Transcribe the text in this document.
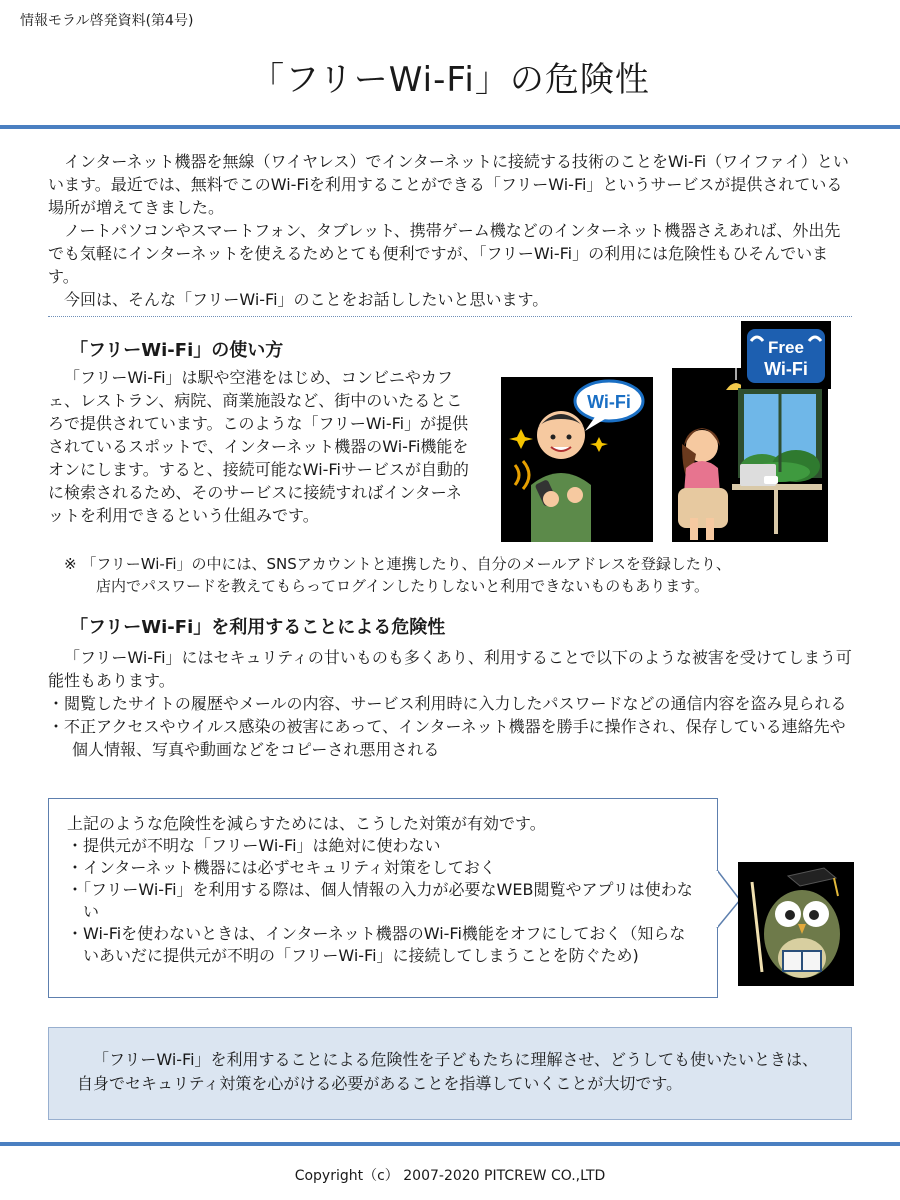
情報モラル啓発資料(第4号)
「フリーWi-Fi」の危険性

インターネット機器を無線（ワイヤレス）でインターネットに接続する技術のことをWi-Fi（ワイファイ）といいます。最近では、無料でこのWi-Fiを利用することができる「フリーWi-Fi」というサービスが提供されている場所が増えてきました。

ノートパソコンやスマートフォン、タブレット、携帯ゲーム機などのインターネット機器さえあれば、外出先でも気軽にインターネットを使えるためとても便利ですが、「フリーWi-Fi」の利用には危険性もひそんでいます。

今回は、そんな「フリーWi-Fi」のことをお話ししたいと思います。

「フリーWi-Fi」の使い方
「フリーWi-Fi」は駅や空港をはじめ、コンビニやカフェ、レストラン、病院、商業施設など、街中のいたるところで提供されています。このような「フリーWi-Fi」が提供されているスポットで、インターネット機器のWi-Fi機能をオンにします。すると、接続可能なWi-Fiサービスが自動的に検索されるため、そのサービスに接続すればインターネットを利用できるという仕組みです。
Wi-Fi
Free
Wi-Fi
※ 「フリーWi-Fi」の中には、SNSアカウントと連携したり、自分のメールアドレスを登録したり、
店内でパスワードを教えてもらってログインしたりしないと利用できないものもあります。
「フリーWi-Fi」を利用することによる危険性

「フリーWi-Fi」にはセキュリティの甘いものも多くあり、利用することで以下のような被害を受けてしまう可能性もあります。

・閲覧したサイトの履歴やメールの内容、サービス利用時に入力したパスワードなどの通信内容を盗み見られる
・不正アクセスやウイルス感染の被害にあって、インターネット機器を勝手に操作され、保存している連絡先や個人情報、写真や動画などをコピーされ悪用される
上記のような危険性を減らすためには、こうした対策が有効です。
・提供元が不明な「フリーWi-Fi」は絶対に使わない
・インターネット機器には必ずセキュリティ対策をしておく
・「フリーWi-Fi」を利用する際は、個人情報の入力が必要なWEB閲覧やアプリは使わない
・Wi-Fiを使わないときは、インターネット機器のWi-Fi機能をオフにしておく（知らないあいだに提供元が不明の「フリーWi-Fi」に接続してしまうことを防ぐため)
「フリーWi-Fi」を利用することによる危険性を子どもたちに理解させ、どうしても使いたいときは、自身でセキュリティ対策を心がける必要があることを指導していくことが大切です。
Copyright（c） 2007-2020 PITCREW CO.,LTD
